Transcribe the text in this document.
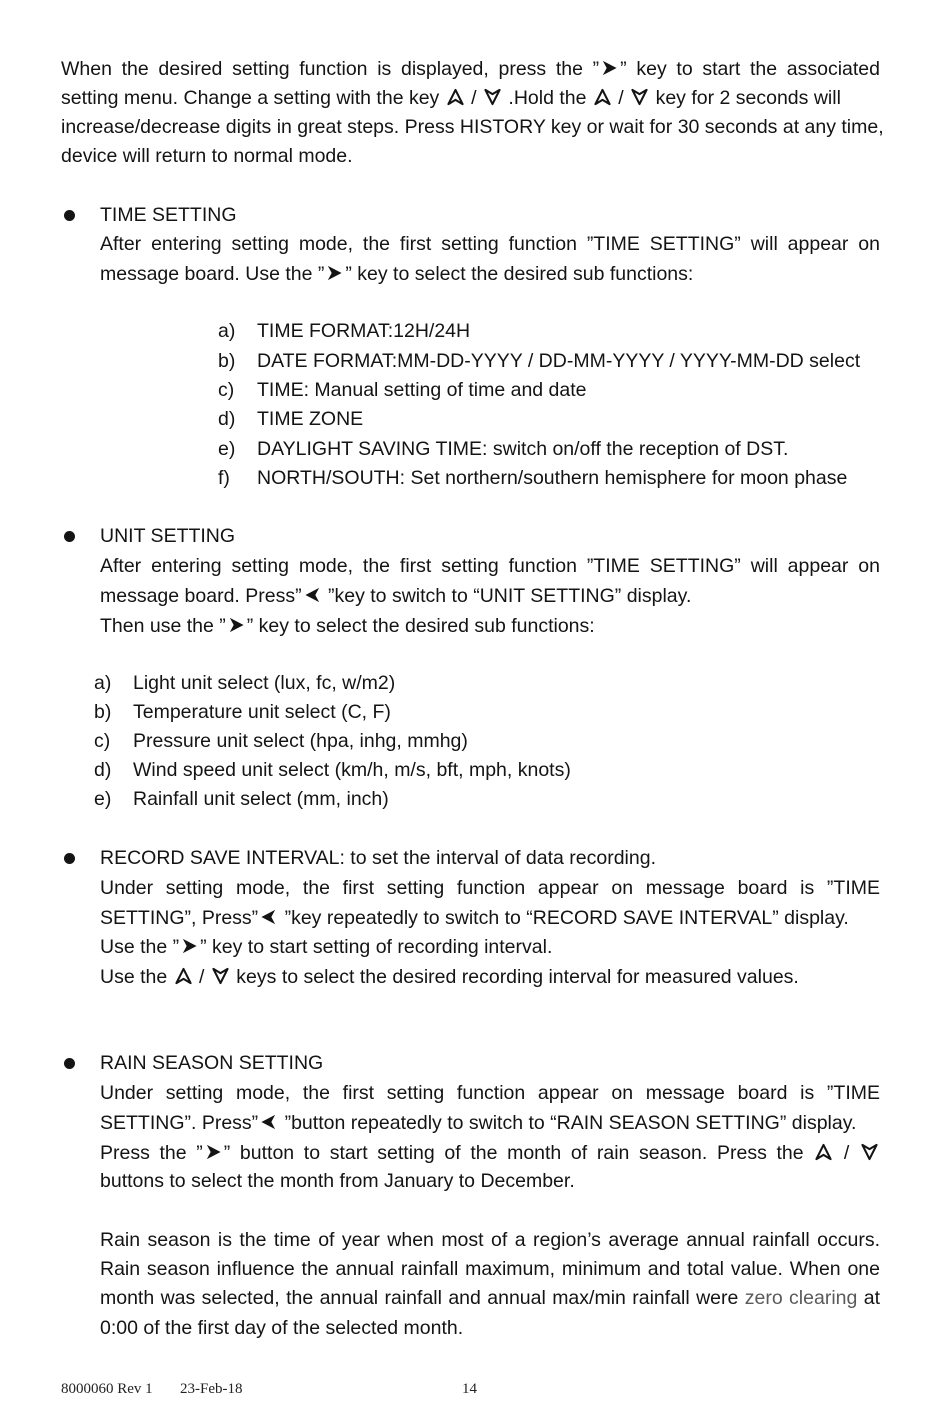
When the desired setting function is displayed, press the ” ” key to start the associated
setting menu. Change a setting with the key
/
.Hold the
/
key for 2 seconds will
increase/decrease digits in great steps. Press HISTORY key or wait for 30 seconds at any time,
device will return to normal mode.
TIME SETTING
After entering setting mode, the first setting function ”TIME SETTING” will appear on
message board. Use the ” ” key to select the desired sub functions:
a) TIME FORMAT:12H/24H
b) DATE FORMAT:MM-DD-YYYY / DD-MM-YYYY / YYYY-MM-DD select
c) TIME: Manual setting of time and date
d) TIME ZONE
e) DAYLIGHT SAVING TIME: switch on/off the reception of DST.
f) NORTH/SOUTH: Set northern/southern hemisphere for moon phase
UNIT SETTING
After entering setting mode, the first setting function ”TIME SETTING” will appear on
message board. Press”
”key to switch to “UNIT SETTING” display.
Then use the ” ” key to select the desired sub functions:
a) Light unit select (lux, fc, w/m2)
b) Temperature unit select (C, F)
c) Pressure unit select (hpa, inhg, mmhg)
d) Wind speed unit select (km/h, m/s, bft, mph, knots)
e) Rainfall unit select (mm, inch)
RECORD SAVE INTERVAL: to set the interval of data recording.
Under setting mode, the first setting function appear on message board is ”TIME
SETTING”, Press”
”key repeatedly to switch to “RECORD SAVE INTERVAL” display.
Use the ” ” key to start setting of recording interval.
Use the
/
keys to select the desired recording interval for measured values.
RAIN SEASON SETTING
Under setting mode, the first setting function appear on message board is ”TIME
SETTING”. Press”
”button repeatedly to switch to “RAIN SEASON SETTING” display.
Press the ” ” button to start setting of the month of rain season. Press the
/
buttons to select the month from January to December.
Rain season is the time of year when most of a region’s average annual rainfall occurs.
Rain season influence the annual rainfall maximum, minimum and total value. When one
month was selected, the annual rainfall and annual max/min rainfall were zero clearing at
0:00 of the first day of the selected month.
8000060 Rev 1 23-Feb-18	14
